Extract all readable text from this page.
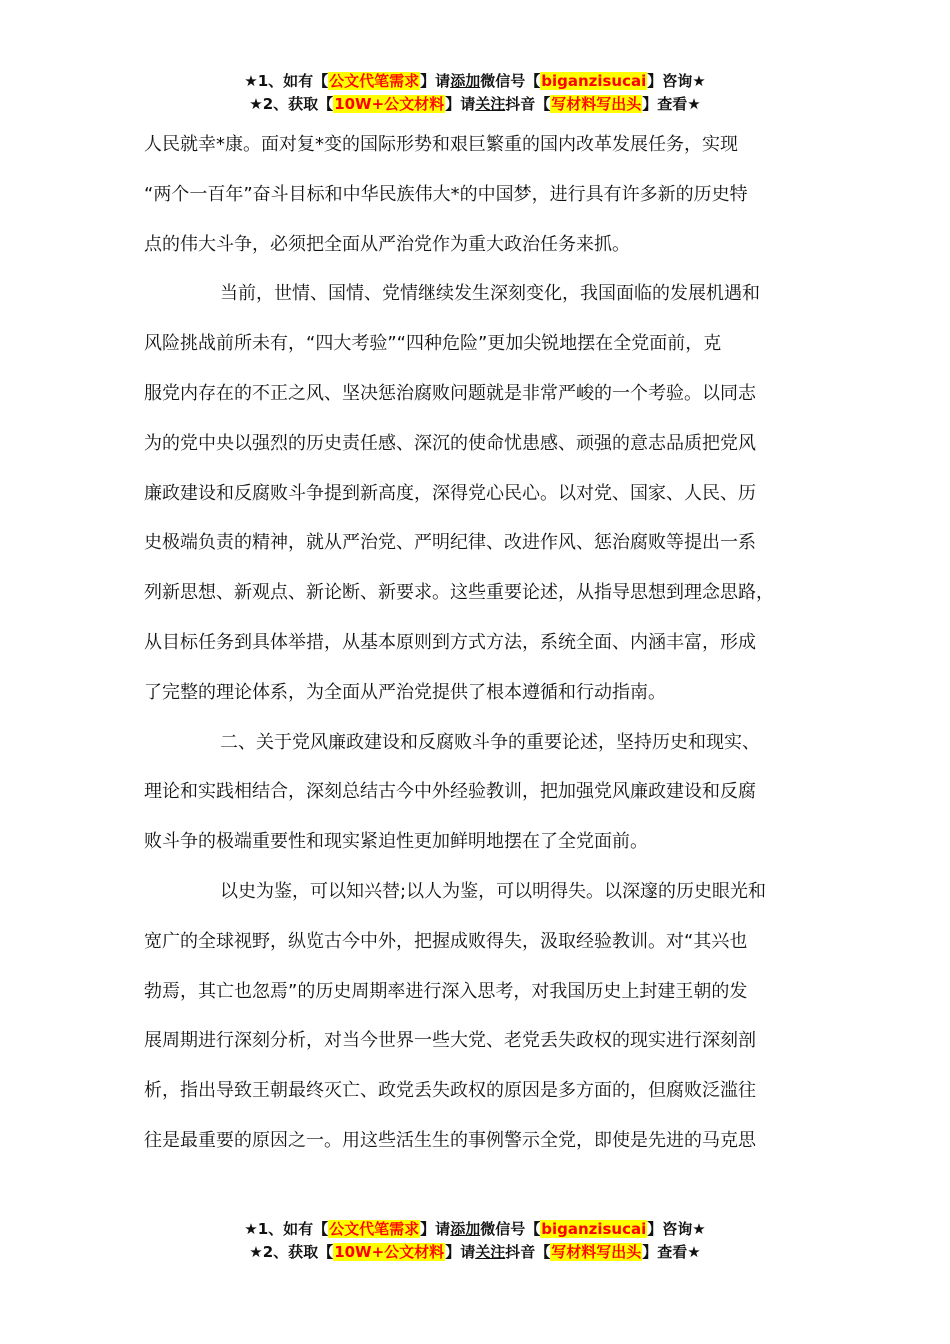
★1、如有【公文代笔需求】请添加微信号【biganzisucai】咨询★
★2、获取【10W+公文材料】请关注抖音【写材料写出头】查看★

人民就幸*康。面对复*变的国际形势和艰巨繁重的国内改革发展任务，实现
“两个一百年”奋斗目标和中华民族伟大*的中国梦，进行具有许多新的历史特
点的伟大斗争，必须把全面从严治党作为重大政治任务来抓。

当前，世情、国情、党情继续发生深刻变化，我国面临的发展机遇和
风险挑战前所未有，“四大考验”“四种危险”更加尖锐地摆在全党面前，克
服党内存在的不正之风、坚决惩治腐败问题就是非常严峻的一个考验。以同志
为的党中央以强烈的历史责任感、深沉的使命忧患感、顽强的意志品质把党风
廉政建设和反腐败斗争提到新高度，深得党心民心。以对党、国家、人民、历
史极端负责的精神，就从严治党、严明纪律、改进作风、惩治腐败等提出一系
列新思想、新观点、新论断、新要求。这些重要论述，从指导思想到理念思路，
从目标任务到具体举措，从基本原则到方式方法，系统全面、内涵丰富，形成
了完整的理论体系，为全面从严治党提供了根本遵循和行动指南。

二、关于党风廉政建设和反腐败斗争的重要论述，坚持历史和现实、
理论和实践相结合，深刻总结古今中外经验教训，把加强党风廉政建设和反腐
败斗争的极端重要性和现实紧迫性更加鲜明地摆在了全党面前。

以史为鉴，可以知兴替;以人为鉴，可以明得失。以深邃的历史眼光和
宽广的全球视野，纵览古今中外，把握成败得失，汲取经验教训。对“其兴也
勃焉，其亡也忽焉”的历史周期率进行深入思考，对我国历史上封建王朝的发
展周期进行深刻分析，对当今世界一些大党、老党丢失政权的现实进行深刻剖
析，指出导致王朝最终灭亡、政党丢失政权的原因是多方面的，但腐败泛滥往
往是最重要的原因之一。用这些活生生的事例警示全党，即使是先进的马克思

★1、如有【公文代笔需求】请添加微信号【biganzisucai】咨询★
★2、获取【10W+公文材料】请关注抖音【写材料写出头】查看★
